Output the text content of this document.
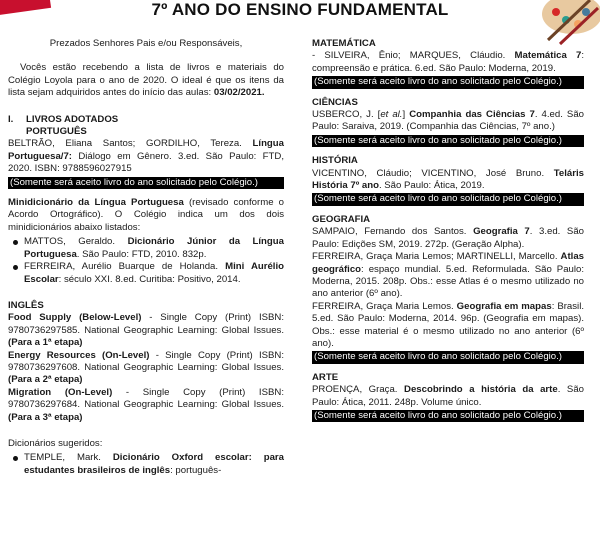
7º ANO DO ENSINO FUNDAMENTAL

Prezados Senhores Pais e/ou Responsáveis,

Vocês estão recebendo a lista de livros e materiais do Colégio Loyola para o ano de 2020. O ideal é que os itens da lista sejam adquiridos antes do início das aulas: 03/02/2021.

I.	LIVROS ADOTADOS
PORTUGUÊS

BELTRÃO, Eliana Santos; GORDILHO, Tereza. Língua Portuguesa/7: Diálogo em Gênero. 3.ed. São Paulo: FTD, 2020. ISBN: 9788596027915

(Somente será aceito livro do ano solicitado pelo Colégio.)

Minidicionário da Língua Portuguesa (revisado conforme o Acordo Ortográfico). O Colégio indica um dos dois minidicionários abaixo listados:

MATTOS, Geraldo. Dicionário Júnior da Língua Portuguesa. São Paulo: FTD, 2010. 832p.
FERREIRA, Aurélio Buarque de Holanda. Mini Aurélio Escolar: século XXI. 8.ed. Curitiba: Positivo, 2014.

INGLÊS

Food Supply (Below-Level) - Single Copy (Print) ISBN: 9780736297585. National Geographic Learning: Global Issues. (Para a 1ª etapa)

Energy Resources (On-Level) - Single Copy (Print) ISBN: 9780736297608. National Geographic Learning: Global Issues. (Para a 2ª etapa)

Migration (On-Level) - Single Copy (Print) ISBN: 9780736297684. National Geographic Learning: Global Issues. (Para a 3ª etapa)

Dicionários sugeridos:

TEMPLE, Mark. Dicionário Oxford escolar: para estudantes brasileiros de inglês: português-

MATEMÁTICA

- SILVEIRA, Ênio; MARQUES, Cláudio. Matemática 7: compreensão e prática. 6.ed. São Paulo: Moderna, 2019.

(Somente será aceito livro do ano solicitado pelo Colégio.)

CIÊNCIAS

USBERCO, J. [et al.] Companhia das Ciências 7. 4.ed. São Paulo: Saraiva, 2019. (Companhia das Ciências, 7º ano.)

(Somente será aceito livro do ano solicitado pelo Colégio.)

HISTÓRIA

VICENTINO, Cláudio; VICENTINO, José Bruno. Teláris História 7º ano. São Paulo: Ática, 2019.

(Somente será aceito livro do ano solicitado pelo Colégio.)

GEOGRAFIA

SAMPAIO, Fernando dos Santos. Geografia 7. 3.ed. São Paulo: Edições SM, 2019. 272p. (Geração Alpha).

FERREIRA, Graça Maria Lemos; MARTINELLI, Marcello. Atlas geográfico: espaço mundial. 5.ed. Reformulada. São Paulo: Moderna, 2015. 208p. Obs.: esse Atlas é o mesmo utilizado no ano anterior (6º ano).

FERREIRA, Graça Maria Lemos. Geografia em mapas: Brasil. 5.ed. São Paulo: Moderna, 2014. 96p. (Geografia em mapas). Obs.: esse material é o mesmo utilizado no ano anterior (6º ano).

(Somente será aceito livro do ano solicitado pelo Colégio.)

ARTE

PROENÇA, Graça. Descobrindo a história da arte. São Paulo: Ática, 2011. 248p. Volume único.

(Somente será aceito livro do ano solicitado pelo Colégio.)
